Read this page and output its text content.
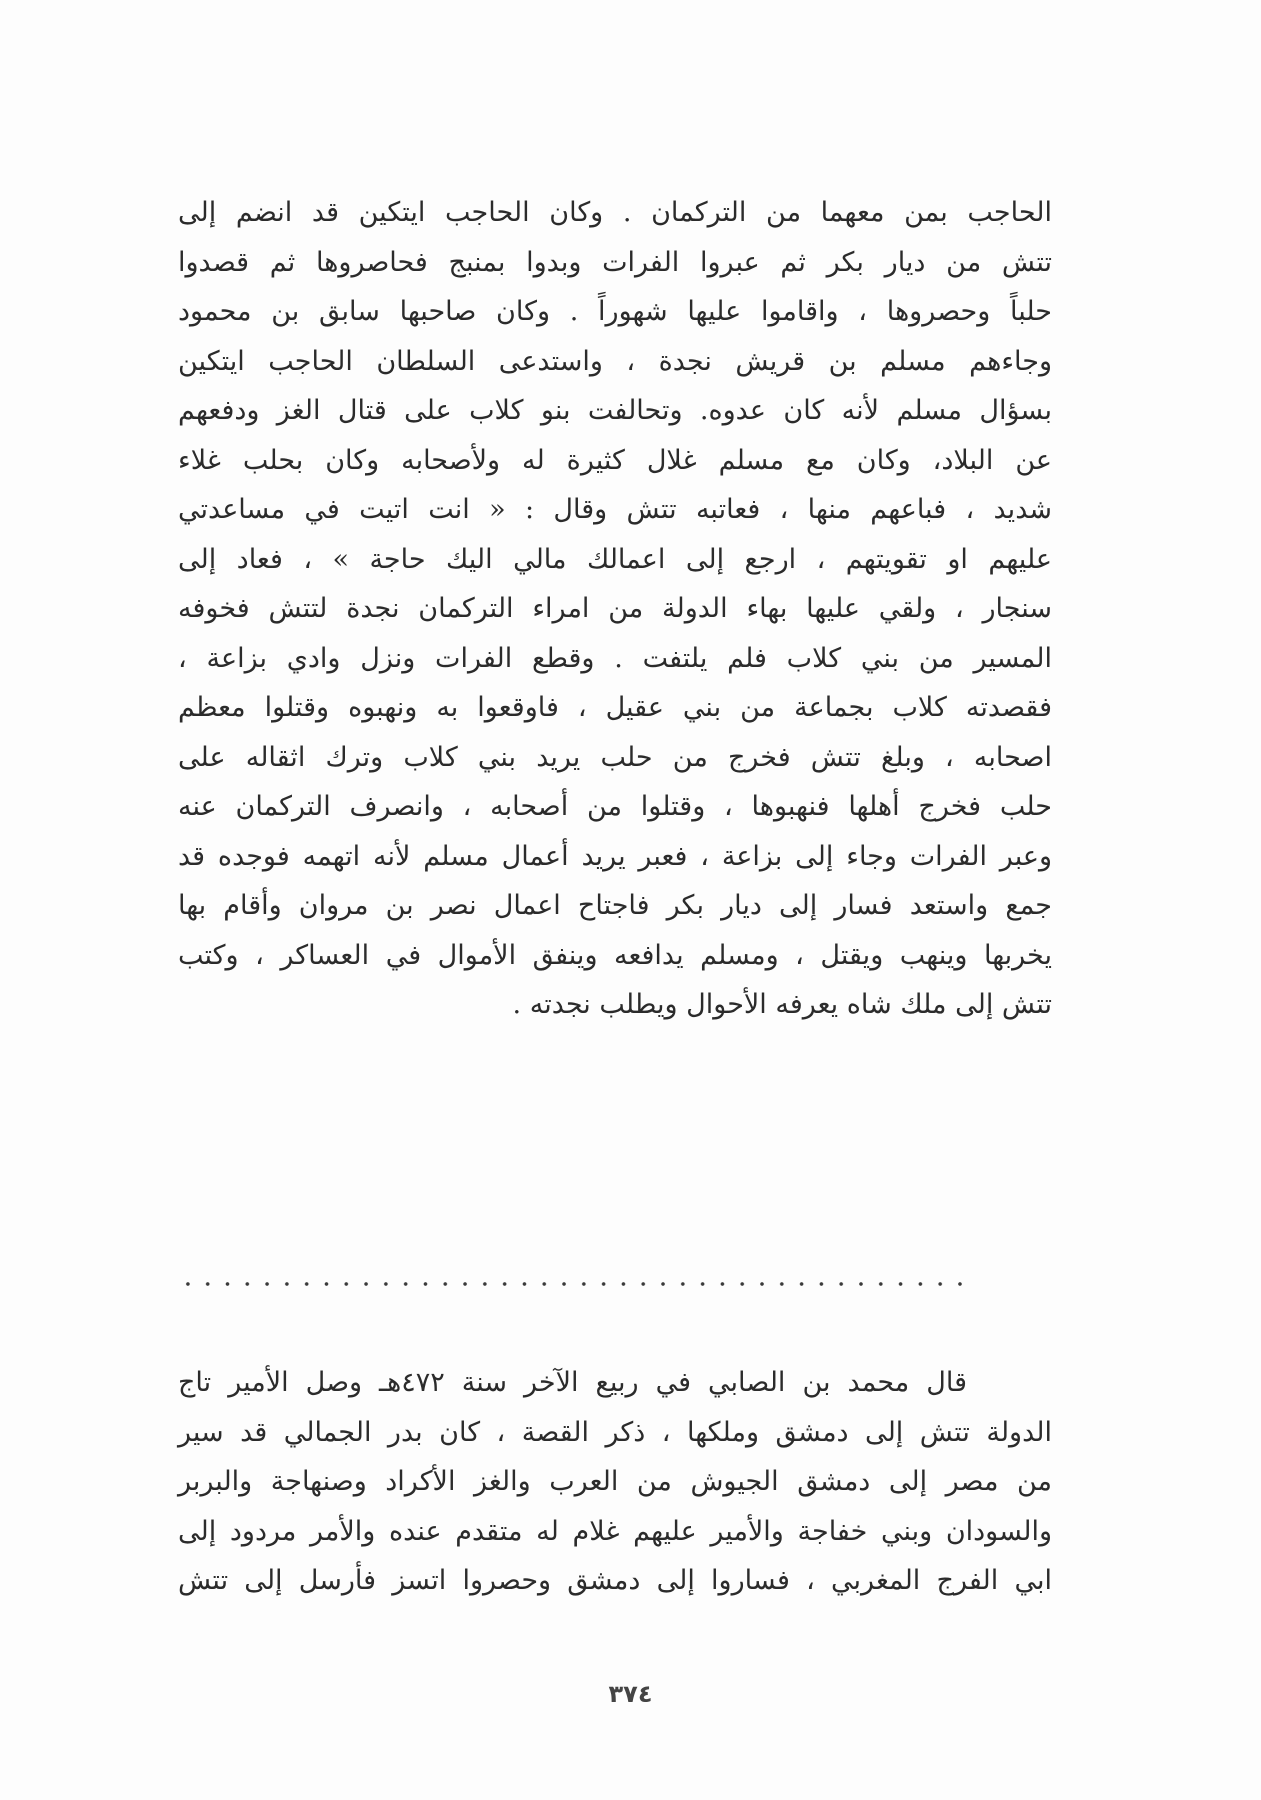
الحاجب بمن معهما من التركمان . وكان الحاجب ايتكين قد انضم إلى
تتش من ديار بكر ثم عبروا الفرات وبدوا بمنبج فحاصروها ثم قصدوا
حلباً وحصروها ، واقاموا عليها شهوراً . وكان صاحبها سابق بن محمود
وجاءهم مسلم بن قريش نجدة ، واستدعى السلطان الحاجب ايتكين
بسؤال مسلم لأنه كان عدوه. وتحالفت بنو كلاب على قتال الغز ودفعهم
عن البلاد، وكان مع مسلم غلال كثيرة له ولأصحابه وكان بحلب غلاء
شديد ، فباعهم منها ، فعاتبه تتش وقال : « انت اتيت في مساعدتي
عليهم او تقويتهم ، ارجع إلى اعمالك مالي اليك حاجة » ، فعاد إلى
سنجار ، ولقي عليها بهاء الدولة من امراء التركمان نجدة لتتش فخوفه
المسير من بني كلاب فلم يلتفت . وقطع الفرات ونزل وادي بزاعة ،
فقصدته كلاب بجماعة من بني عقيل ، فاوقعوا به ونهبوه وقتلوا معظم
اصحابه ، وبلغ تتش فخرج من حلب يريد بني كلاب وترك اثقاله على
حلب فخرج أهلها فنهبوها ، وقتلوا من أصحابه ، وانصرف التركمان عنه
وعبر الفرات وجاء إلى بزاعة ، فعبر يريد أعمال مسلم لأنه اتهمه فوجده قد
جمع واستعد فسار إلى ديار بكر فاجتاح اعمال نصر بن مروان وأقام بها
يخربها وينهب ويقتل ، ومسلم يدافعه وينفق الأموال في العساكر ، وكتب
تتش إلى ملك شاه يعرفه الأحوال ويطلب نجدته .
قال محمد بن الصابي في ربيع الآخر سنة ٤٧٢هـ وصل الأمير تاج
الدولة تتش إلى دمشق وملكها ، ذكر القصة ، كان بدر الجمالي قد سير
من مصر إلى دمشق الجيوش من العرب والغز الأكراد وصنهاجة والبربر
والسودان وبني خفاجة والأمير عليهم غلام له متقدم عنده والأمر مردود إلى
ابي الفرج المغربي ، فساروا إلى دمشق وحصروا اتسز فأرسل إلى تتش
٣٧٤
